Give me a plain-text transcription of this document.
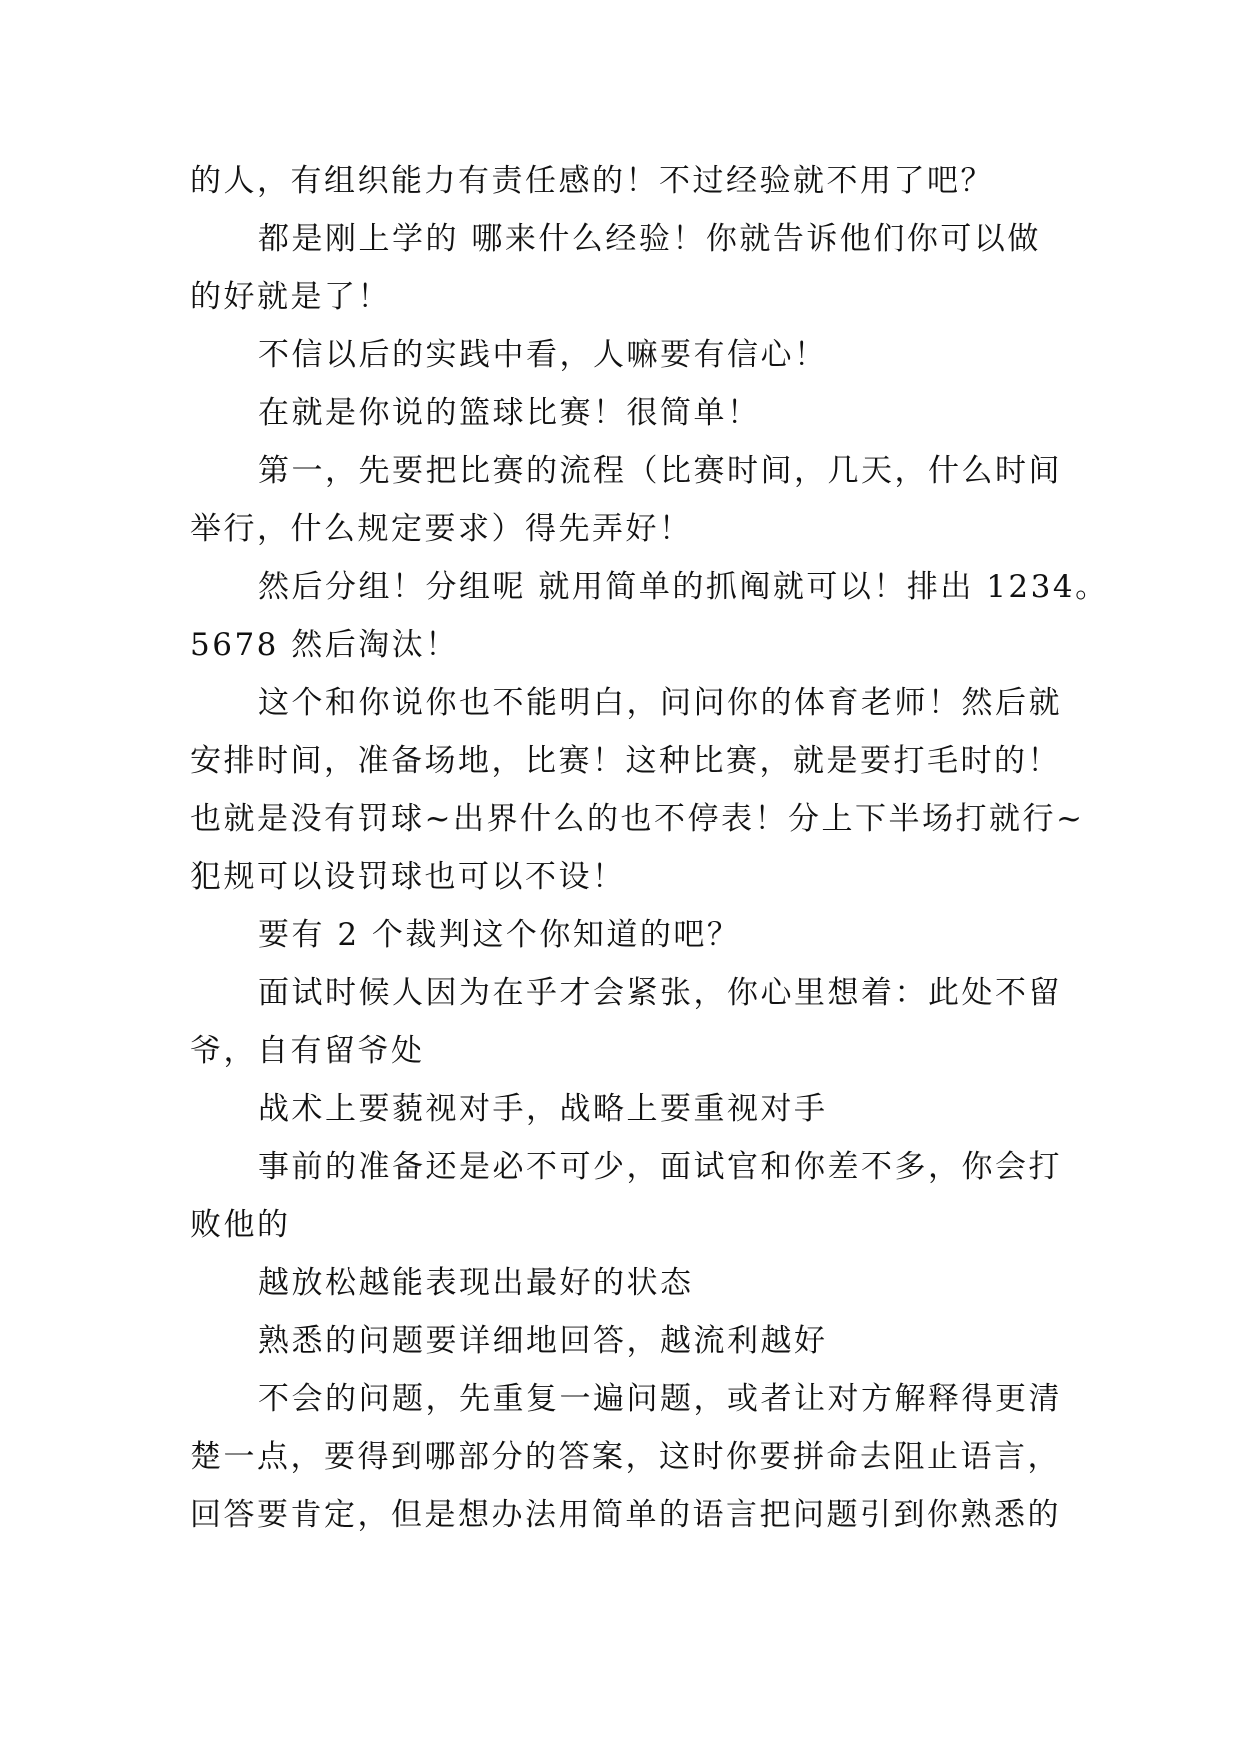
的人，有组织能力有责任感的！不过经验就不用了吧？
都是刚上学的 哪来什么经验！你就告诉他们你可以做
的好就是了！
不信以后的实践中看，人嘛要有信心！
在就是你说的篮球比赛！很简单！
第一，先要把比赛的流程（比赛时间，几天，什么时间
举行，什么规定要求）得先弄好！
然后分组！分组呢 就用简单的抓阄就可以！排出 1234。
5678 然后淘汰！
这个和你说你也不能明白，问问你的体育老师！然后就
安排时间，准备场地，比赛！这种比赛，就是要打毛时的！
也就是没有罚球~出界什么的也不停表！分上下半场打就行~
犯规可以设罚球也可以不设！
要有 2 个裁判这个你知道的吧？
面试时候人因为在乎才会紧张，你心里想着：此处不留
爷，自有留爷处
战术上要藐视对手，战略上要重视对手
事前的准备还是必不可少，面试官和你差不多，你会打
败他的
越放松越能表现出最好的状态
熟悉的问题要详细地回答，越流利越好
不会的问题，先重复一遍问题，或者让对方解释得更清
楚一点，要得到哪部分的答案，这时你要拼命去阻止语言，
回答要肯定，但是想办法用简单的语言把问题引到你熟悉的
